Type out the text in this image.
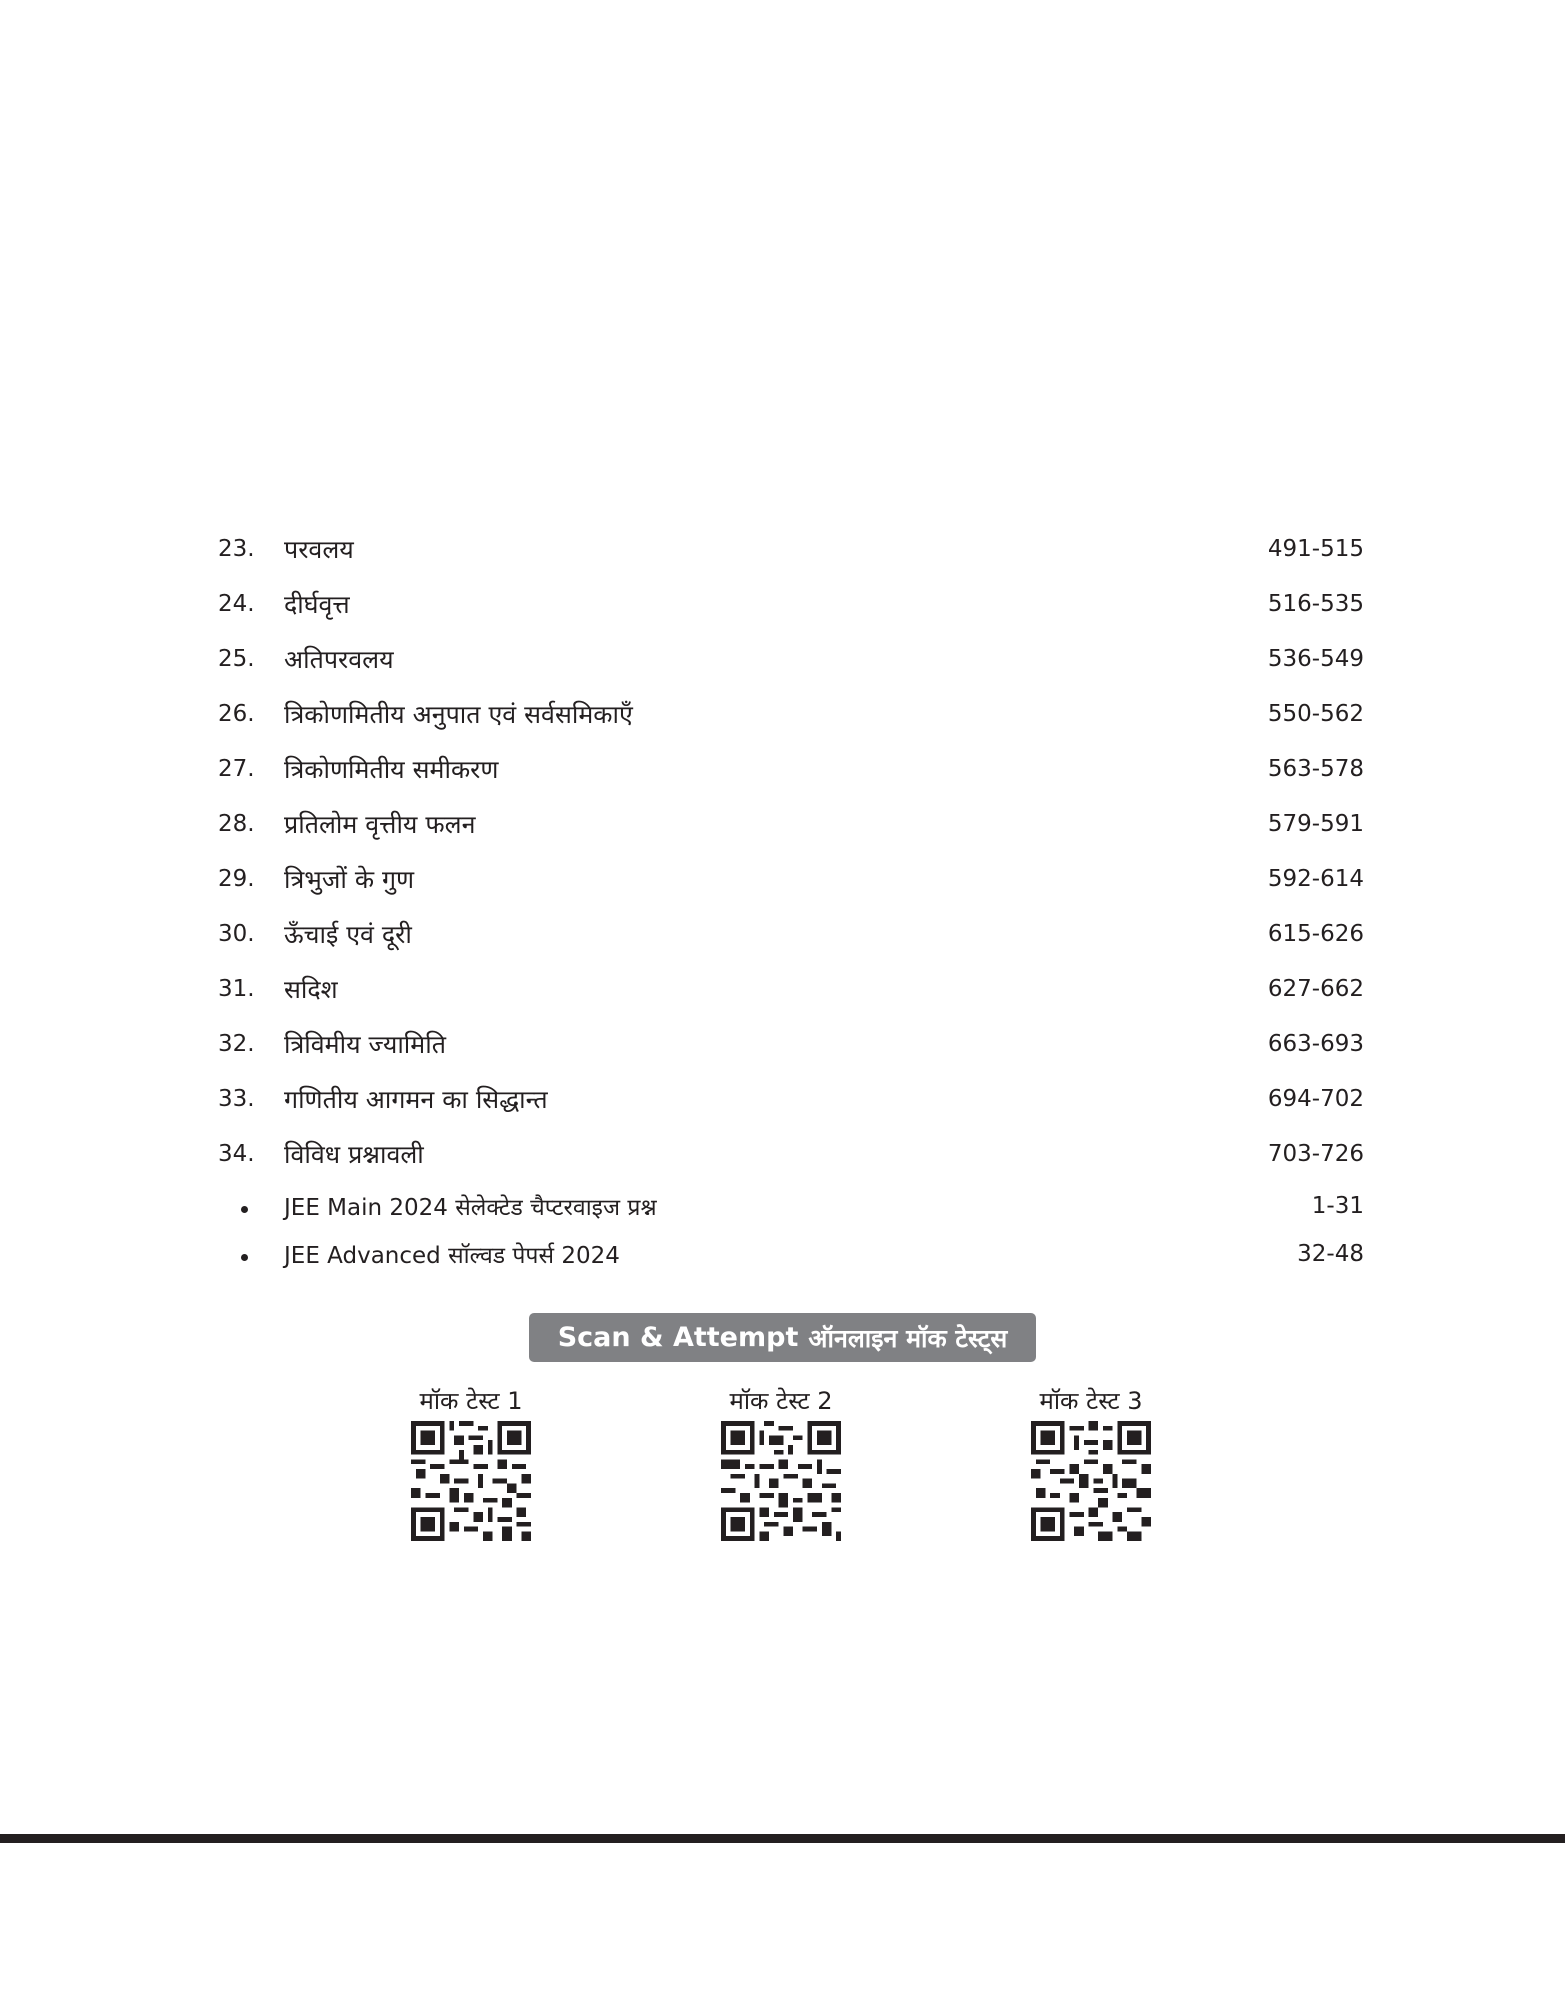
23.	परवलय	491-515
24.	दीर्घवृत्त	516-535
25.	अतिपरवलय	536-549
26.	त्रिकोणमितीय अनुपात एवं सर्वसमिकाएँ	550-562
27.	त्रिकोणमितीय समीकरण	563-578
28.	प्रतिलोम वृत्तीय फलन	579-591
29.	त्रिभुजों के गुण	592-614
30.	ऊँचाई एवं दूरी	615-626
31.	सदिश	627-662
32.	त्रिविमीय ज्यामिति	663-693
33.	गणितीय आगमन का सिद्धान्त	694-702
34.	विविध प्रश्नावली	703-726
JEE Main 2024 सेलेक्टेड चैप्टरवाइज प्रश्न	1-31
JEE Advanced सॉल्वड पेपर्स 2024	32-48
Scan & Attempt ऑनलाइन मॉक टेस्ट्स
मॉक टेस्ट 1	मॉक टेस्ट 2	मॉक टेस्ट 3
